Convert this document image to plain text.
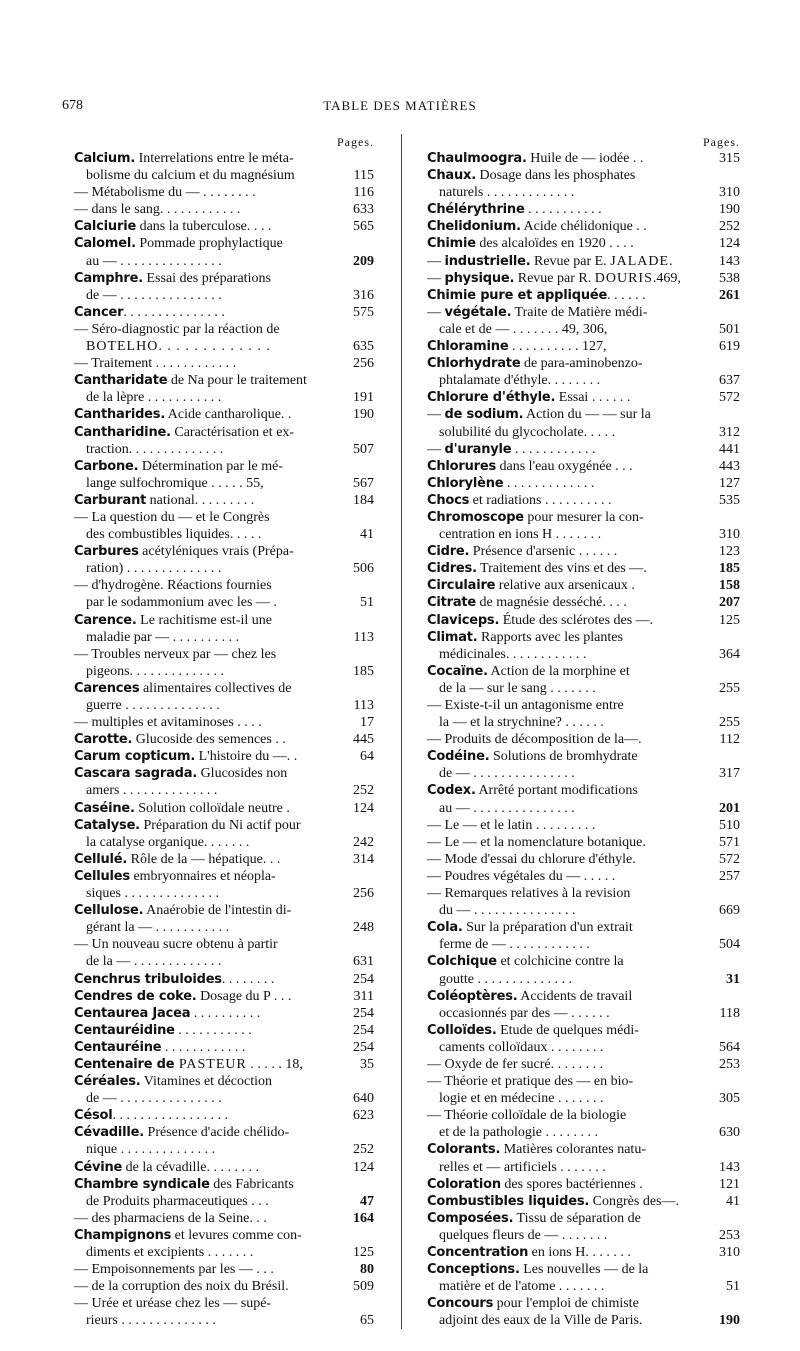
678	TABLE DES MATIÈRES
Pages.
Calcium. Interrelations entre le méta-
bolisme du calcium et du magnésium	115
— Métabolisme du — . . . . . . . .	116
— dans le sang. . . . . . . . . . . .	633
Calciurie dans la tuberculose. . . .	565
Calomel. Pommade prophylactique
au — . . . . . . . . . . . . . . .	209
Camphre. Essai des préparations
de — . . . . . . . . . . . . . . .	316
Cancer. . . . . . . . . . . . . . .	575
— Séro-diagnostic par la réaction de
BOTELHO. . . . . . . . . . . . .	635
— Traitement . . . . . . . . . . . .	256
Cantharidate de Na pour le traitement
de la lèpre . . . . . . . . . . .	191
Cantharides. Acide cantharolique. .	190
Cantharidine. Caractérisation et ex-
traction. . . . . . . . . . . . . .	507
Carbone. Détermination par le mé-
lange sulfochromique . . . . . 55,	567
Carburant national. . . . . . . . .	184
— La question du — et le Congrès
des combustibles liquides. . . . .	41
Carbures acétyléniques vrais (Prépa-
ration) . . . . . . . . . . . . . .	506
— d'hydrogène. Réactions fournies
par le sodammonium avec les — .	51
Carence. Le rachitisme est-il une
maladie par — . . . . . . . . . .	113
— Troubles nerveux par — chez les
pigeons. . . . . . . . . . . . . .	185
Carences alimentaires collectives de
guerre . . . . . . . . . . . . . .	113
— multiples et avitaminoses . . . .	17
Carotte. Glucoside des semences . .	445
Carum copticum. L'histoire du —. .	64
Cascara sagrada. Glucosides non
amers . . . . . . . . . . . . . .	252
Caséine. Solution colloïdale neutre .	124
Catalyse. Préparation du Ni actif pour
la catalyse organique. . . . . . .	242
Cellulé. Rôle de la — hépatique. . .	314
Cellules embryonnaires et néopla-
siques . . . . . . . . . . . . . .	256
Cellulose. Anaérobie de l'intestin di-
gérant la — . . . . . . . . . . .	248
— Un nouveau sucre obtenu à partir
de la — . . . . . . . . . . . . .	631
Cenchrus tribuloides. . . . . . . .	254
Cendres de coke. Dosage du P . . .	311
Centaurea Jacea . . . . . . . . . .	254
Centauréidine . . . . . . . . . . .	254
Centauréine . . . . . . . . . . . .	254
Centenaire de PASTEUR . . . . . 18,	35
Céréales. Vitamines et décoction
de — . . . . . . . . . . . . . . .	640
Césol. . . . . . . . . . . . . . . . .	623
Cévadille. Présence d'acide chélido-
nique . . . . . . . . . . . . . .	252
Cévine de la cévadille. . . . . . . .	124
Chambre syndicale des Fabricants
de Produits pharmaceutiques . . .	47
— des pharmaciens de la Seine. . .	164
Champignons et levures comme con-
diments et excipients . . . . . . .	125
— Empoisonnements par les — . . .	80
— de la corruption des noix du Brésil.	509
— Urée et uréase chez les — supé-
rieurs . . . . . . . . . . . . . .	65
Pages.
Chaulmoogra. Huile de — iodée . .	315
Chaux. Dosage dans les phosphates
naturels . . . . . . . . . . . . .	310
Chélérythrine . . . . . . . . . . .	190
Chelidonium. Acide chélidonique . .	252
Chimie des alcaloïdes en 1920 . . . .	124
— industrielle. Revue par E. JALADE.	143
— physique. Revue par R. DOURIS.469,	538
Chimie pure et appliquée. . . . . .	261
— végétale. Traite de Matière médi-
cale et de — . . . . . . . 49, 306,	501
Chloramine . . . . . . . . . . 127,	619
Chlorhydrate de para-aminobenzo-
phtalamate d'éthyle. . . . . . . .	637
Chlorure d'éthyle. Essai . . . . . .	572
— de sodium. Action du — — sur la
solubilité du glycocholate. . . . .	312
— d'uranyle . . . . . . . . . . . .	441
Chlorures dans l'eau oxygénée . . .	443
Chlorylène . . . . . . . . . . . . .	127
Chocs et radiations . . . . . . . . . .	535
Chromoscope pour mesurer la con-
centration en ions H . . . . . . .	310
Cidre. Présence d'arsenic . . . . . .	123
Cidres. Traitement des vins et des —.	185
Circulaire relative aux arsenicaux .	158
Citrate de magnésie desséché. . . .	207
Claviceps. Étude des sclérotes des —.	125
Climat. Rapports avec les plantes
médicinales. . . . . . . . . . . .	364
Cocaïne. Action de la morphine et
de la — sur le sang . . . . . . .	255
— Existe-t-il un antagonisme entre
la — et la strychnine? . . . . . .	255
— Produits de décomposition de la—.	112
Codéine. Solutions de bromhydrate
de — . . . . . . . . . . . . . . .	317
Codex. Arrêté portant modifications
au — . . . . . . . . . . . . . . .	201
— Le — et le latin . . . . . . . . .	510
— Le — et la nomenclature botanique.	571
— Mode d'essai du chlorure d'éthyle.	572
— Poudres végétales du — . . . . .	257
— Remarques relatives à la revision
du — . . . . . . . . . . . . . . .	669
Cola. Sur la préparation d'un extrait
ferme de — . . . . . . . . . . . .	504
Colchique et colchicine contre la
goutte . . . . . . . . . . . . . .	31
Coléoptères. Accidents de travail
occasionnés par des — . . . . . .	118
Colloïdes. Etude de quelques médi-
caments colloïdaux . . . . . . . .	564
— Oxyde de fer sucré. . . . . . . .	253
— Théorie et pratique des — en bio-
logie et en médecine . . . . . . .	305
— Théorie colloïdale de la biologie
et de la pathologie . . . . . . . .	630
Colorants. Matières colorantes natu-
relles et — artificiels . . . . . . .	143
Coloration des spores bactériennes .	121
Combustibles liquides. Congrès des—.	41
Composées. Tissu de séparation de
quelques fleurs de — . . . . . . .	253
Concentration en ions H. . . . . . .	310
Conceptions. Les nouvelles — de la
matière et de l'atome . . . . . . .	51
Concours pour l'emploi de chimiste
adjoint des eaux de la Ville de Paris.	190
